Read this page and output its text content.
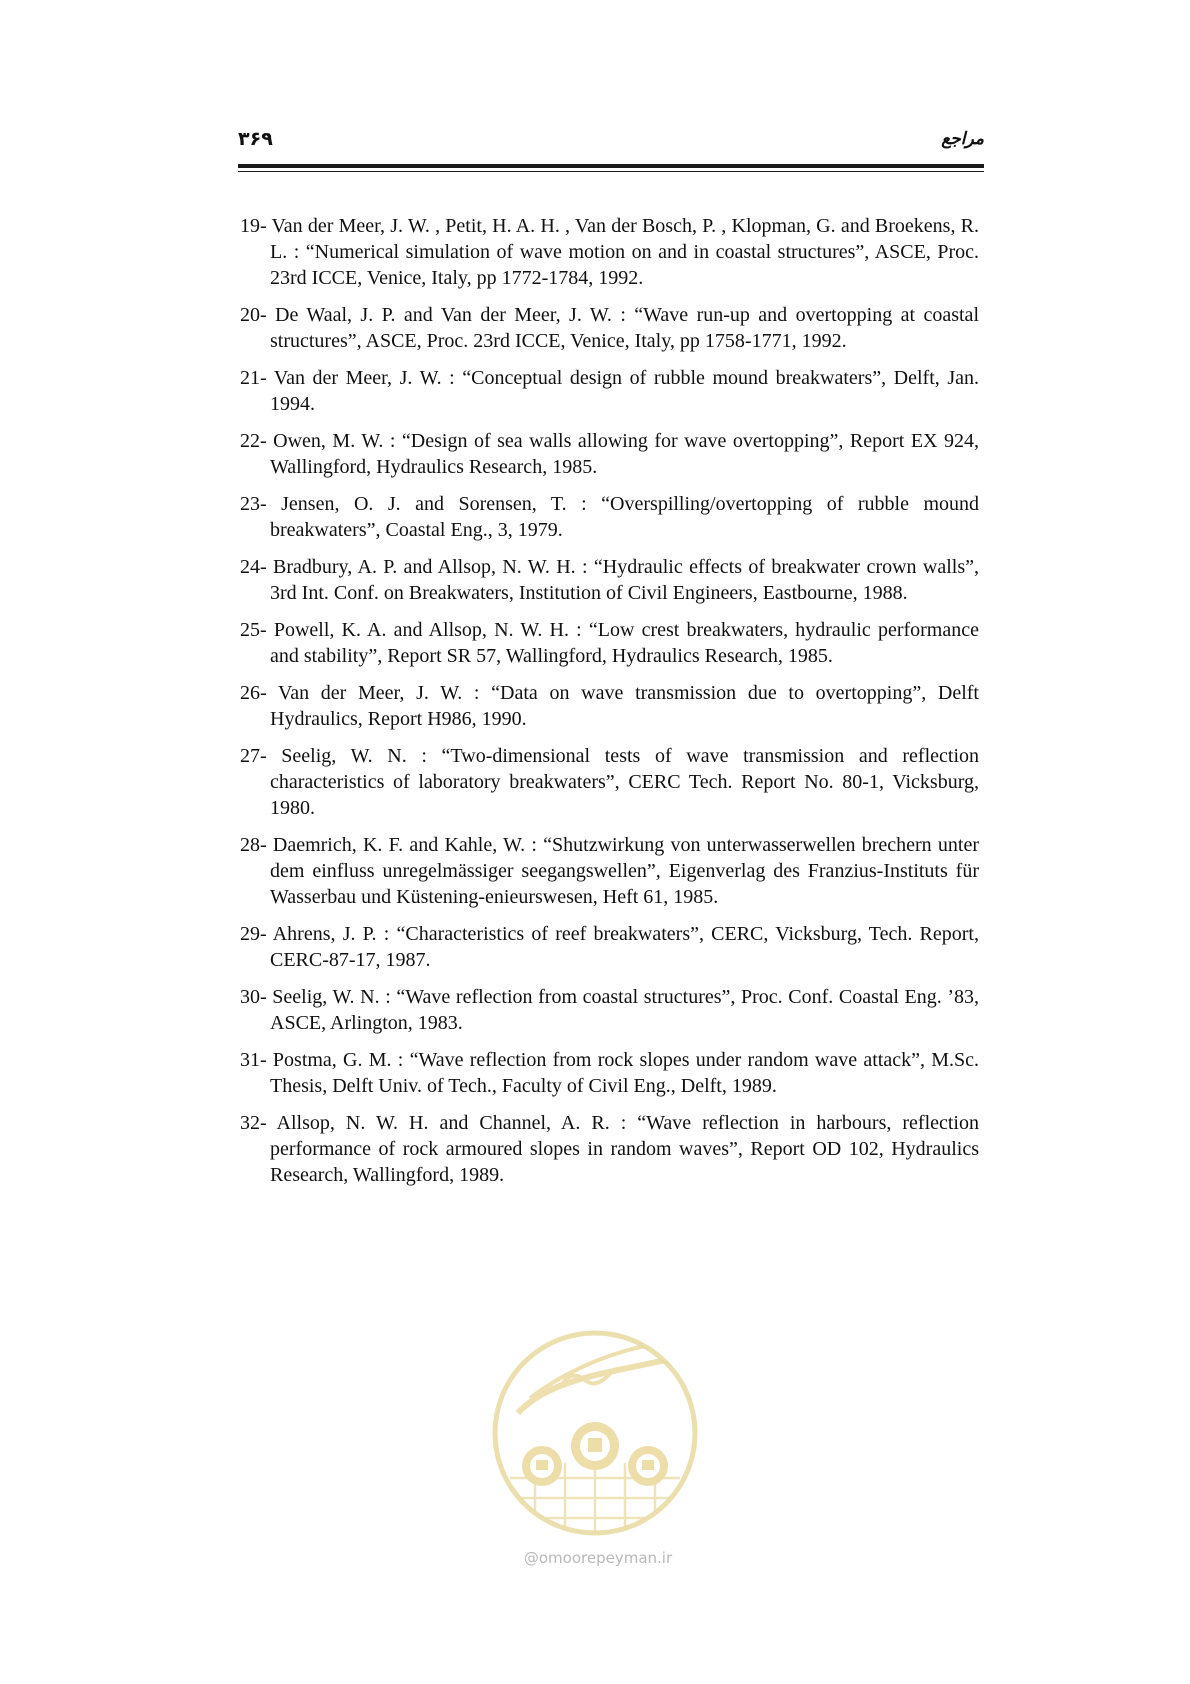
۳۶۹	مراجع
19- Van der Meer, J. W. , Petit, H. A. H. , Van der Bosch, P. , Klopman, G. and Broekens, R. L. : “Numerical simulation of wave motion on and in coastal structures”, ASCE, Proc. 23rd ICCE, Venice, Italy, pp 1772-1784, 1992.
20- De Waal, J. P. and Van der Meer, J. W. : “Wave run-up and overtopping at coastal structures”, ASCE, Proc. 23rd ICCE, Venice, Italy, pp 1758-1771, 1992.
21- Van der Meer, J. W. : “Conceptual design of rubble mound breakwaters”, Delft, Jan. 1994.
22- Owen, M. W. : “Design of sea walls allowing for wave overtopping”, Report EX 924, Wallingford, Hydraulics Research, 1985.
23- Jensen, O. J. and Sorensen, T. : “Overspilling/overtopping of rubble mound breakwaters”, Coastal Eng., 3, 1979.
24- Bradbury, A. P. and Allsop, N. W. H. : “Hydraulic effects of breakwater crown walls”, 3rd Int. Conf. on Breakwaters, Institution of Civil Engineers, Eastbourne, 1988.
25- Powell, K. A. and Allsop, N. W. H. : “Low crest breakwaters, hydraulic performance and stability”, Report SR 57, Wallingford, Hydraulics Research, 1985.
26- Van der Meer, J. W. : “Data on wave transmission due to overtopping”, Delft Hydraulics, Report H986, 1990.
27- Seelig, W. N. : “Two-dimensional tests of wave transmission and reflection characteristics of laboratory breakwaters”, CERC Tech. Report No. 80-1, Vicksburg, 1980.
28- Daemrich, K. F. and Kahle, W. : “Shutzwirkung von unterwasserwellen brechern unter dem einfluss unregelmässiger seegangswellen”, Eigenverlag des Franzius-Instituts für Wasserbau und Küstening-enieurswesen, Heft 61, 1985.
29- Ahrens, J. P. : “Characteristics of reef breakwaters”, CERC, Vicksburg, Tech. Report, CERC-87-17, 1987.
30- Seelig, W. N. : “Wave reflection from coastal structures”, Proc. Conf. Coastal Eng. ’83, ASCE, Arlington, 1983.
31- Postma, G. M. : “Wave reflection from rock slopes under random wave attack”, M.Sc. Thesis, Delft Univ. of Tech., Faculty of Civil Eng., Delft, 1989.
32- Allsop, N. W. H. and Channel, A. R. : “Wave reflection in harbours, reflection performance of rock armoured slopes in random waves”, Report OD 102, Hydraulics Research, Wallingford, 1989.
@omoorepeyman.ir
